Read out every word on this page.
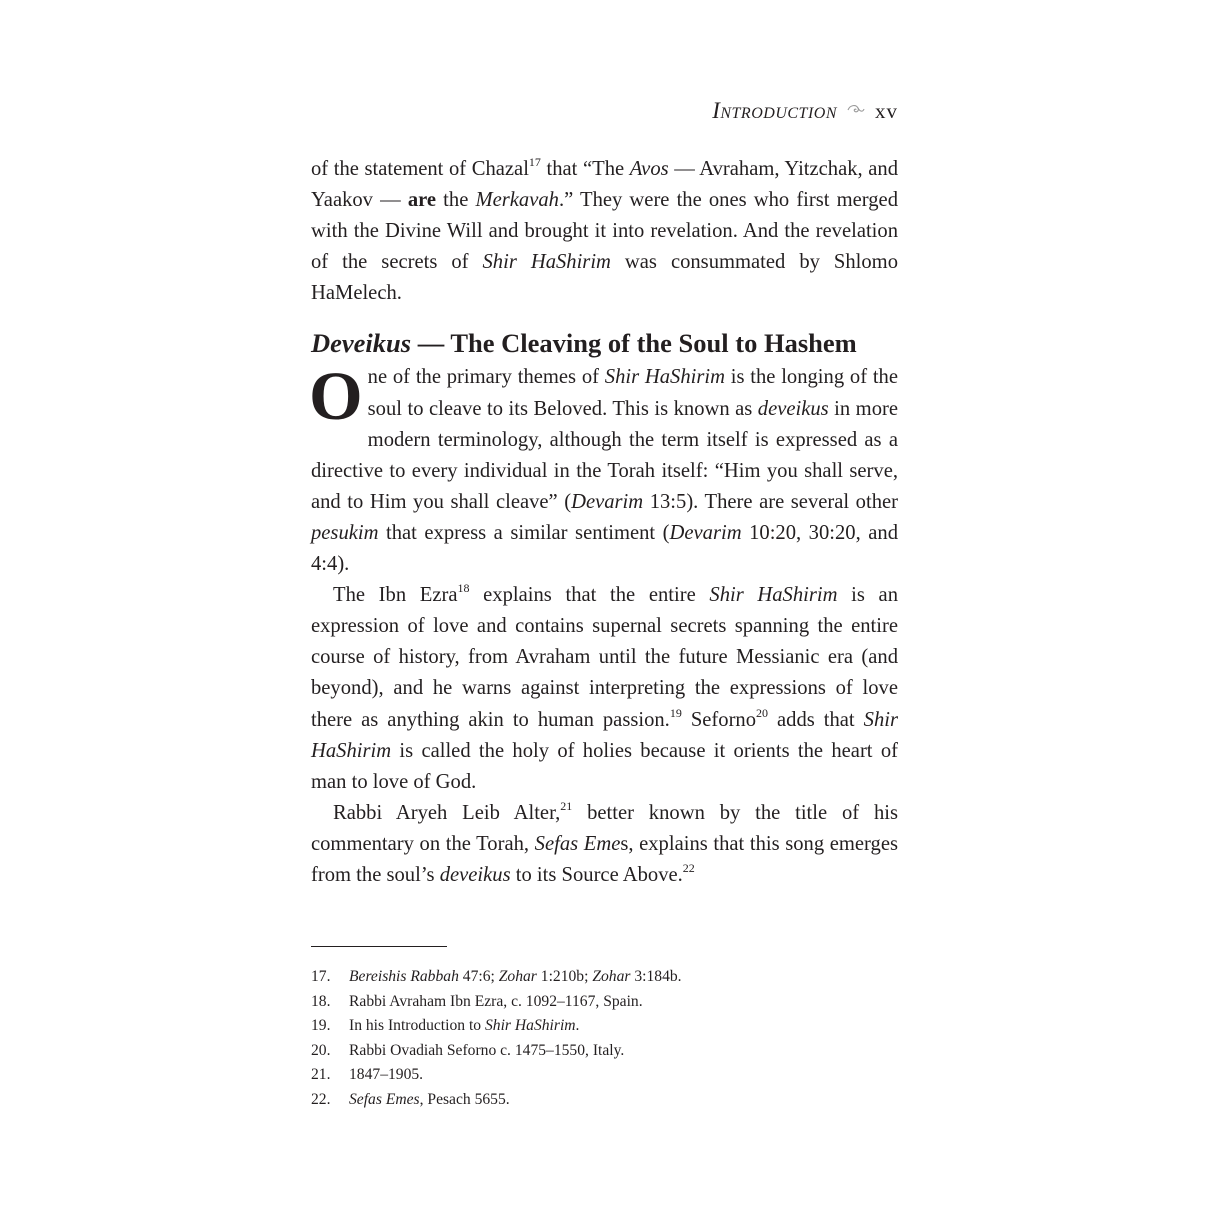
Introduction xv

of the statement of Chazal$^{17}$ that “The Avos — Avraham, Yitzchak, and Yaakov — are the Merkavah.” They were the ones who first merged with the Divine Will and brought it into revelation. And the revelation of the secrets of Shir HaShirim was consummated by Shlomo HaMelech.

Deveikus — The Cleaving of the Soul to Hashem

One of the primary themes of Shir HaShirim is the longing of the soul to cleave to its Beloved. This is known as deveikus in more modern terminology, although the term itself is expressed as a directive to every individual in the Torah itself: “Him you shall serve, and to Him you shall cleave” (Devarim 13:5). There are several other pesukim that express a similar sentiment (Devarim 10:20, 30:20, and 4:4).

The Ibn Ezra$^{18}$ explains that the entire Shir HaShirim is an expression of love and contains supernal secrets spanning the entire course of history, from Avraham until the future Messianic era (and beyond), and he warns against interpreting the expressions of love there as anything akin to human passion.$^{19}$ Seforno$^{20}$ adds that Shir HaShirim is called the holy of holies because it orients the heart of man to love of God.

Rabbi Aryeh Leib Alter,$^{21}$ better known by the title of his commentary on the Torah, Sefas Emes, explains that this song emerges from the soul’s deveikus to its Source Above.$^{22}$

17.	Bereishis Rabbah 47:6; Zohar 1:210b; Zohar 3:184b.
18.	Rabbi Avraham Ibn Ezra, c. 1092–1167, Spain.
19.	In his Introduction to Shir HaShirim.
20.	Rabbi Ovadiah Seforno c. 1475–1550, Italy.
21.	1847–1905.
22.	Sefas Emes, Pesach 5655.
